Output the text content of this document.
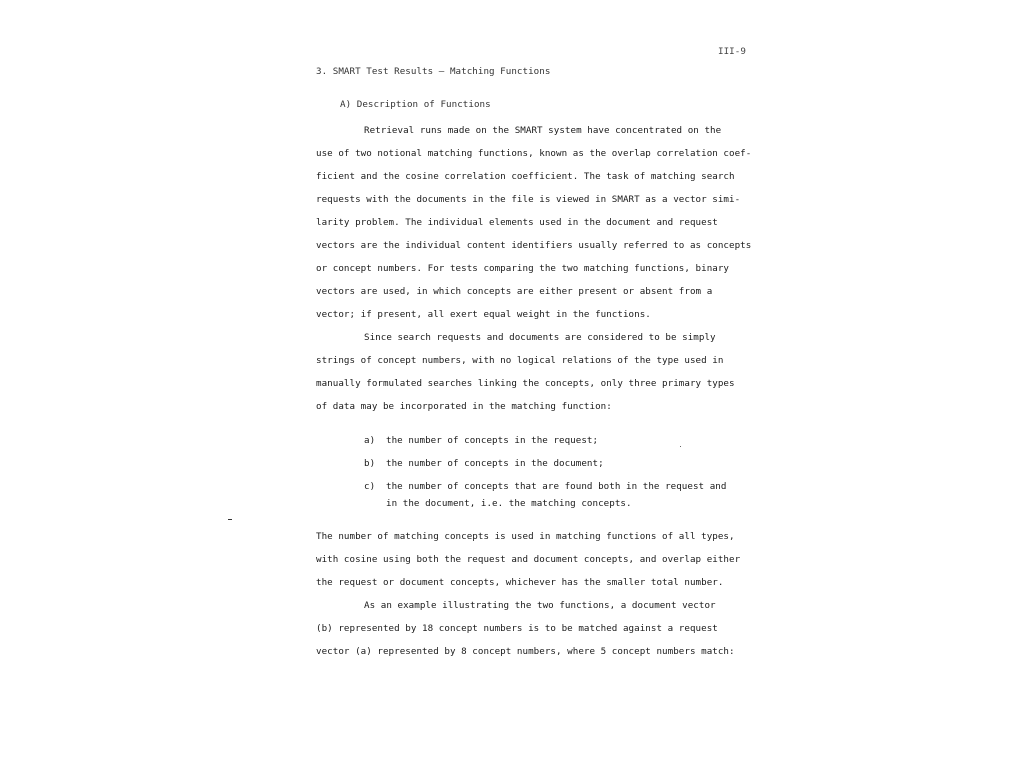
III-9
3. SMART Test Results — Matching Functions
A) Description of Functions
Retrieval runs made on the SMART system have concentrated on the
use of two notional matching functions, known as the overlap correlation coef-
ficient and the cosine correlation coefficient. The task of matching search
requests with the documents in the file is viewed in SMART as a vector simi-
larity problem. The individual elements used in the document and request
vectors are the individual content identifiers usually referred to as concepts
or concept numbers. For tests comparing the two matching functions, binary
vectors are used, in which concepts are either present or absent from a
vector; if present, all exert equal weight in the functions.
Since search requests and documents are considered to be simply
strings of concept numbers, with no logical relations of the type used in
manually formulated searches linking the concepts, only three primary types
of data may be incorporated in the matching function:
a) the number of concepts in the request;
b) the number of concepts in the document;
c) the number of concepts that are found both in the request and
in the document, i.e. the matching concepts.
The number of matching concepts is used in matching functions of all types,
with cosine using both the request and document concepts, and overlap either
the request or document concepts, whichever has the smaller total number.
As an example illustrating the two functions, a document vector
(b) represented by 18 concept numbers is to be matched against a request
vector (a) represented by 8 concept numbers, where 5 concept numbers match:
